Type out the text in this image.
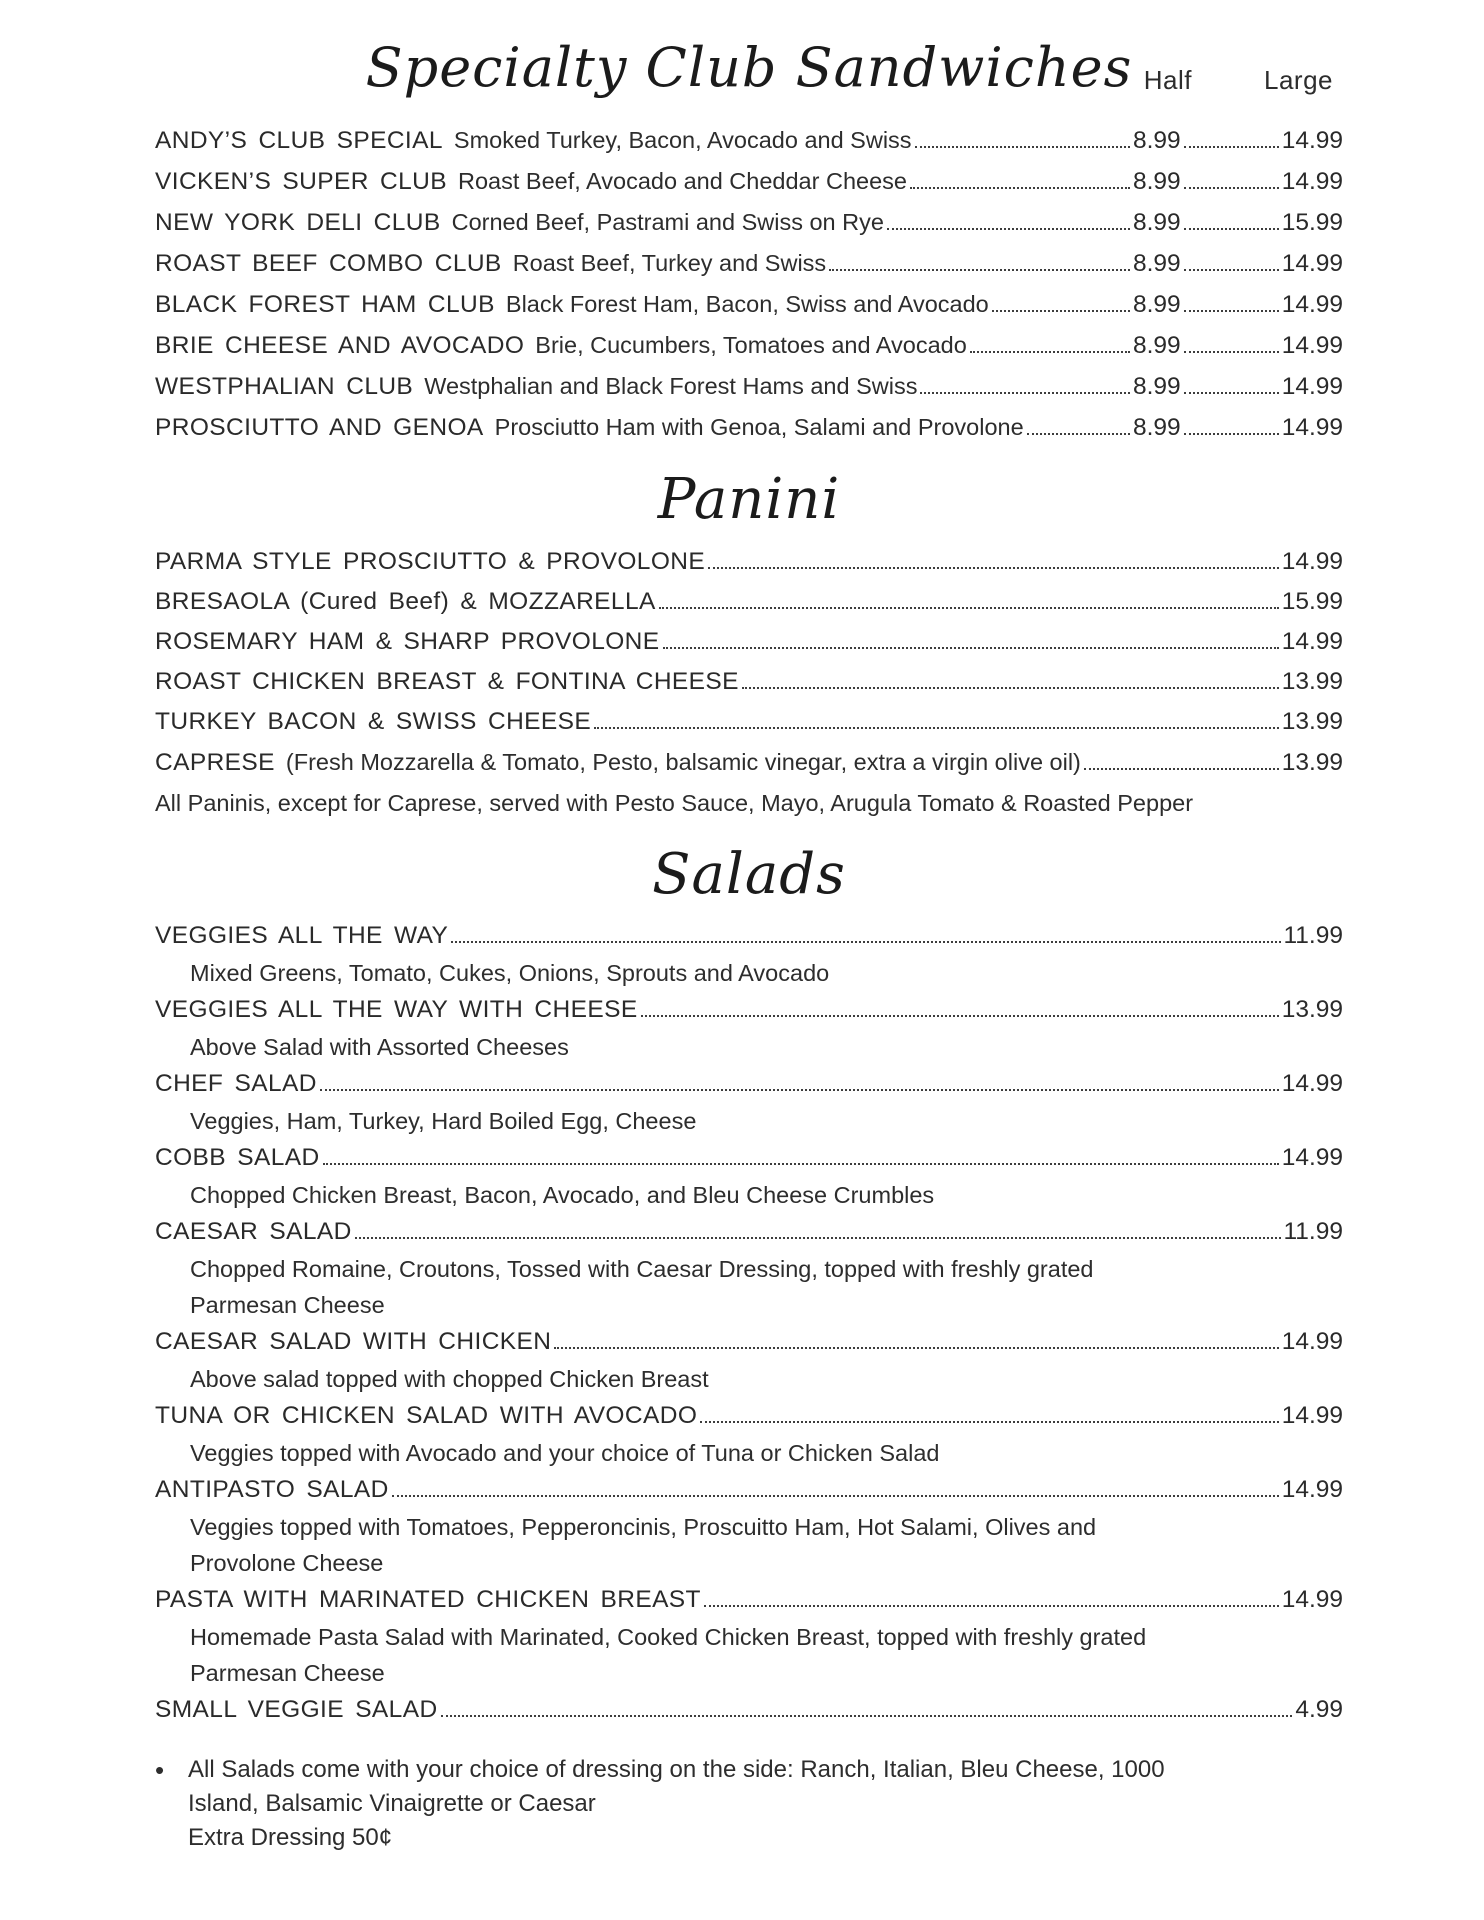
Specialty Club Sandwiches Half	Large
ANDY’S CLUB SPECIAL Smoked Turkey, Bacon, Avocado and Swiss	8.99	14.99
VICKEN’S SUPER CLUB Roast Beef, Avocado and Cheddar Cheese	8.99	14.99
NEW YORK DELI CLUB Corned Beef, Pastrami and Swiss on Rye	8.99	15.99
ROAST BEEF COMBO CLUB Roast Beef, Turkey and Swiss	8.99	14.99
BLACK FOREST HAM CLUB Black Forest Ham, Bacon, Swiss and Avocado	8.99	14.99
BRIE CHEESE AND AVOCADO Brie, Cucumbers, Tomatoes and Avocado	8.99	14.99
WESTPHALIAN CLUB Westphalian and Black Forest Hams and Swiss	8.99	14.99
PROSCIUTTO AND GENOA Prosciutto Ham with Genoa, Salami and Provolone	8.99	14.99
Panini
PARMA STYLE PROSCIUTTO & PROVOLONE	14.99
BRESAOLA (Cured Beef) & MOZZARELLA	15.99
ROSEMARY HAM & SHARP PROVOLONE	14.99
ROAST CHICKEN BREAST & FONTINA CHEESE	13.99
TURKEY BACON & SWISS CHEESE	13.99
CAPRESE (Fresh Mozzarella & Tomato, Pesto, balsamic vinegar, extra a virgin olive oil)	13.99
All Paninis, except for Caprese, served with Pesto Sauce, Mayo, Arugula Tomato & Roasted Pepper
Salads
VEGGIES ALL THE WAY	11.99
Mixed Greens, Tomato, Cukes, Onions, Sprouts and Avocado
VEGGIES ALL THE WAY WITH CHEESE	13.99
Above Salad with Assorted Cheeses
CHEF SALAD	14.99
Veggies, Ham, Turkey, Hard Boiled Egg, Cheese
COBB SALAD	14.99
Chopped Chicken Breast, Bacon, Avocado, and Bleu Cheese Crumbles
CAESAR SALAD	11.99
Chopped Romaine, Croutons, Tossed with Caesar Dressing, topped with freshly grated Parmesan Cheese
CAESAR SALAD WITH CHICKEN	14.99
Above salad topped with chopped Chicken Breast
TUNA OR CHICKEN SALAD WITH AVOCADO	14.99
Veggies topped with Avocado and your choice of Tuna or Chicken Salad
ANTIPASTO SALAD	14.99
Veggies topped with Tomatoes, Pepperoncinis, Proscuitto Ham, Hot Salami, Olives and Provolone Cheese
PASTA WITH MARINATED CHICKEN BREAST	14.99
Homemade Pasta Salad with Marinated, Cooked Chicken Breast, topped with freshly grated Parmesan Cheese
SMALL VEGGIE SALAD	4.99
• All Salads come with your choice of dressing on the side: Ranch, Italian, Bleu Cheese, 1000 Island, Balsamic Vinaigrette or Caesar
Extra Dressing 50¢
